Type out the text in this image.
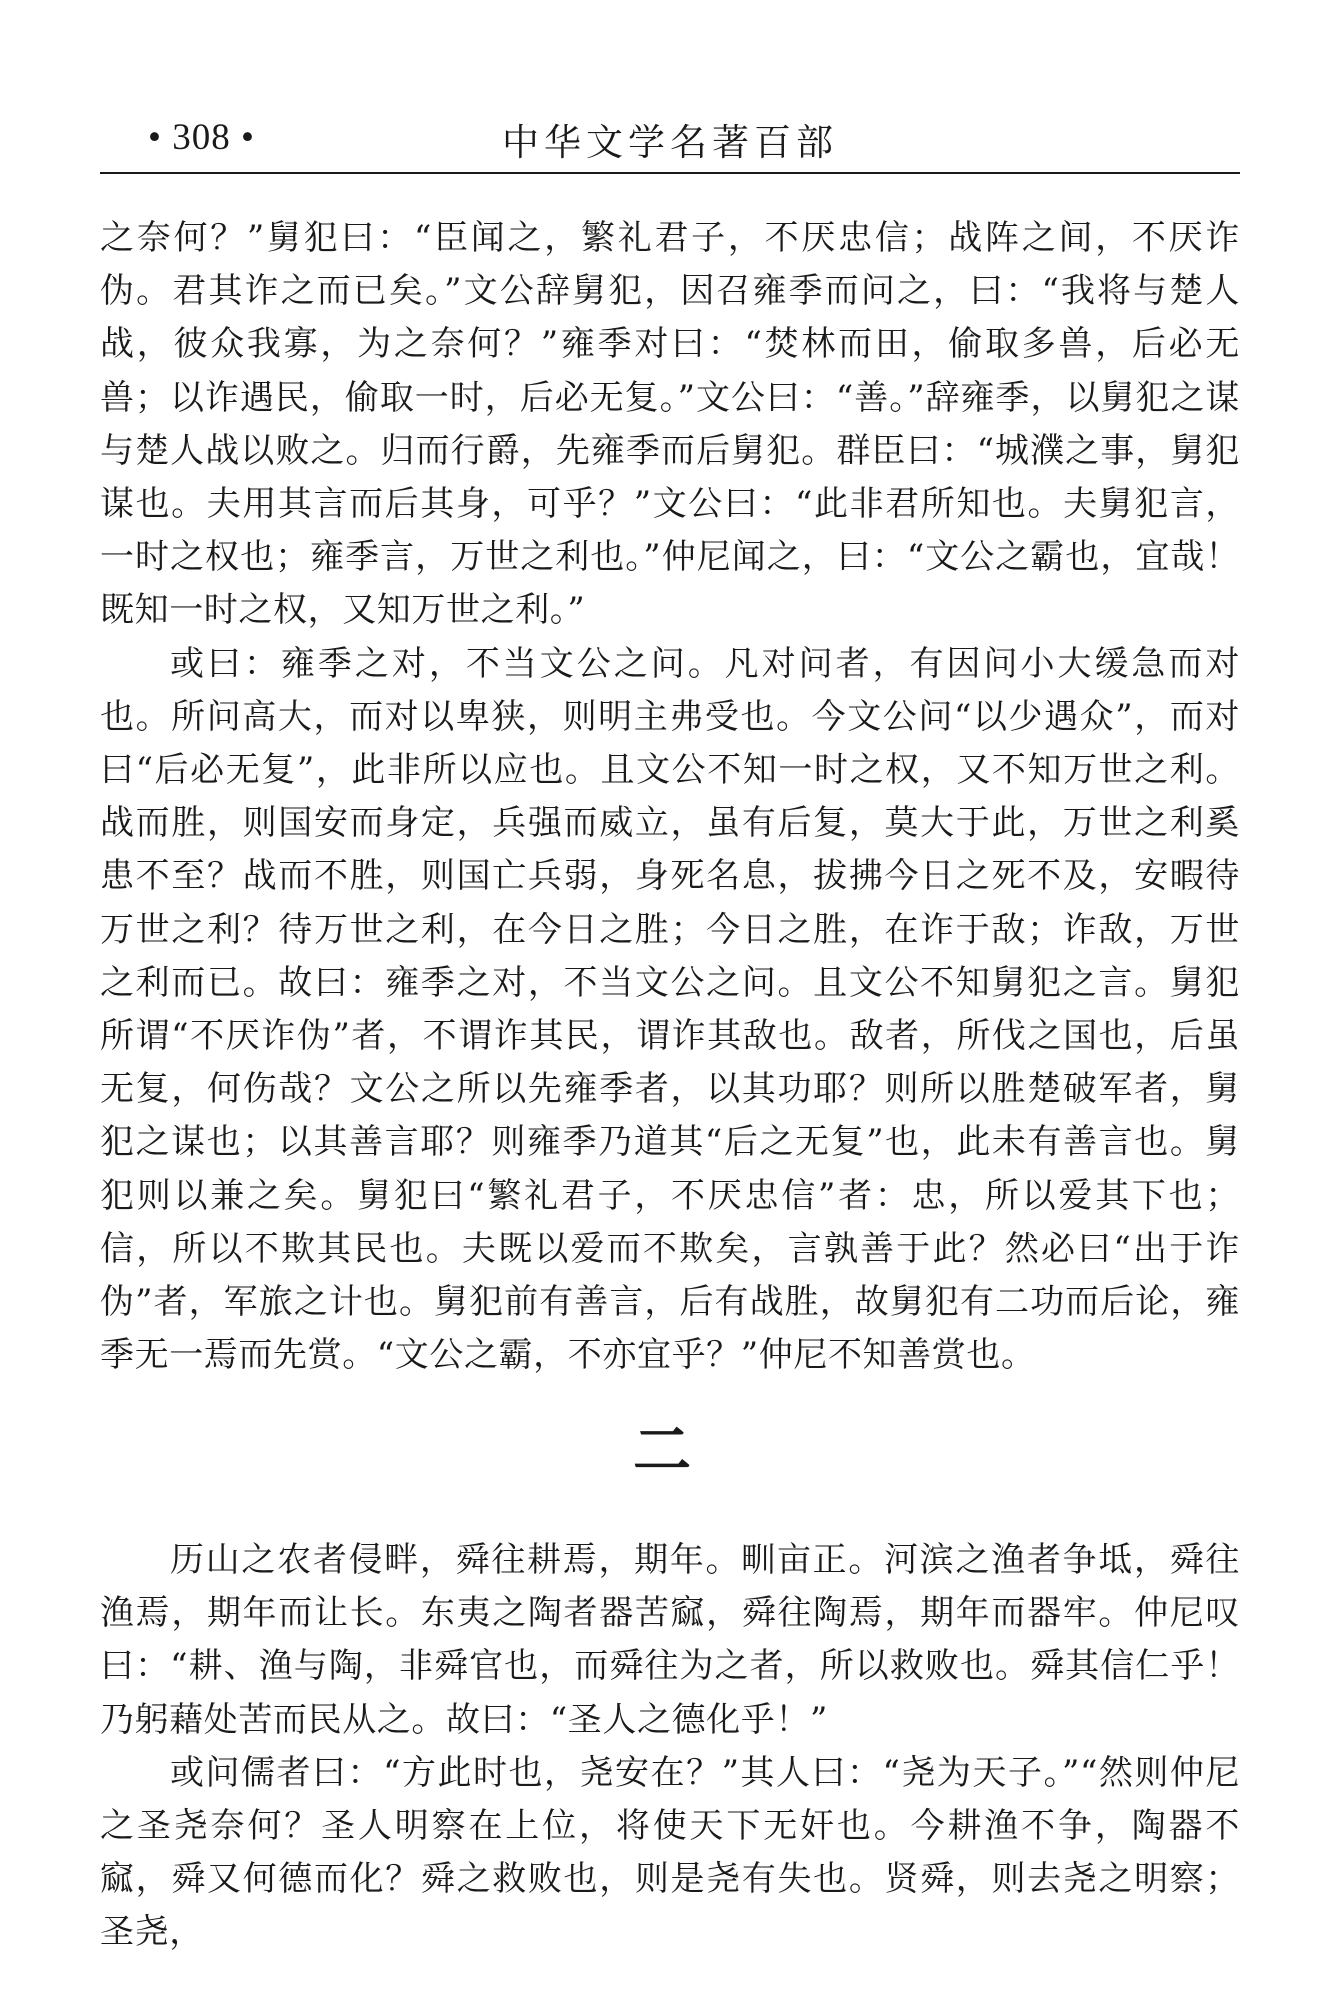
• 308 •	中华文学名著百部

之奈何？”舅犯曰：“臣闻之，繁礼君子，不厌忠信；战阵之间，不厌诈伪。君其诈之而已矣。”文公辞舅犯，因召雍季而问之，曰：“我将与楚人战，彼众我寡，为之奈何？”雍季对曰：“焚林而田，偷取多兽，后必无兽；以诈遇民，偷取一时，后必无复。”文公曰：“善。”辞雍季，以舅犯之谋与楚人战以败之。归而行爵，先雍季而后舅犯。群臣曰：“城濮之事，舅犯谋也。夫用其言而后其身，可乎？”文公曰：“此非君所知也。夫舅犯言，一时之权也；雍季言，万世之利也。”仲尼闻之，曰：“文公之霸也，宜哉！既知一时之权，又知万世之利。”

或曰：雍季之对，不当文公之问。凡对问者，有因问小大缓急而对也。所问高大，而对以卑狭，则明主弗受也。今文公问“以少遇众”，而对曰“后必无复”，此非所以应也。且文公不知一时之权，又不知万世之利。战而胜，则国安而身定，兵强而威立，虽有后复，莫大于此，万世之利奚患不至？战而不胜，则国亡兵弱，身死名息，拔拂今日之死不及，安暇待万世之利？待万世之利，在今日之胜；今日之胜，在诈于敌；诈敌，万世之利而已。故曰：雍季之对，不当文公之问。且文公不知舅犯之言。舅犯所谓“不厌诈伪”者，不谓诈其民，谓诈其敌也。敌者，所伐之国也，后虽无复，何伤哉？文公之所以先雍季者，以其功耶？则所以胜楚破军者，舅犯之谋也；以其善言耶？则雍季乃道其“后之无复”也，此未有善言也。舅犯则以兼之矣。舅犯曰“繁礼君子，不厌忠信”者：忠，所以爱其下也；信，所以不欺其民也。夫既以爱而不欺矣，言孰善于此？然必曰“出于诈伪”者，军旅之计也。舅犯前有善言，后有战胜，故舅犯有二功而后论，雍季无一焉而先赏。“文公之霸，不亦宜乎？”仲尼不知善赏也。

二

历山之农者侵畔，舜往耕焉，期年。甽亩正。河滨之渔者争坻，舜往渔焉，期年而让长。东夷之陶者器苦窳，舜往陶焉，期年而器牢。仲尼叹曰：“耕、渔与陶，非舜官也，而舜往为之者，所以救败也。舜其信仁乎！乃躬藉处苦而民从之。故曰：“圣人之德化乎！”

或问儒者曰：“方此时也，尧安在？”其人曰：“尧为天子。”“然则仲尼之圣尧奈何？圣人明察在上位，将使天下无奸也。今耕渔不争，陶器不窳，舜又何德而化？舜之救败也，则是尧有失也。贤舜，则去尧之明察；圣尧，
